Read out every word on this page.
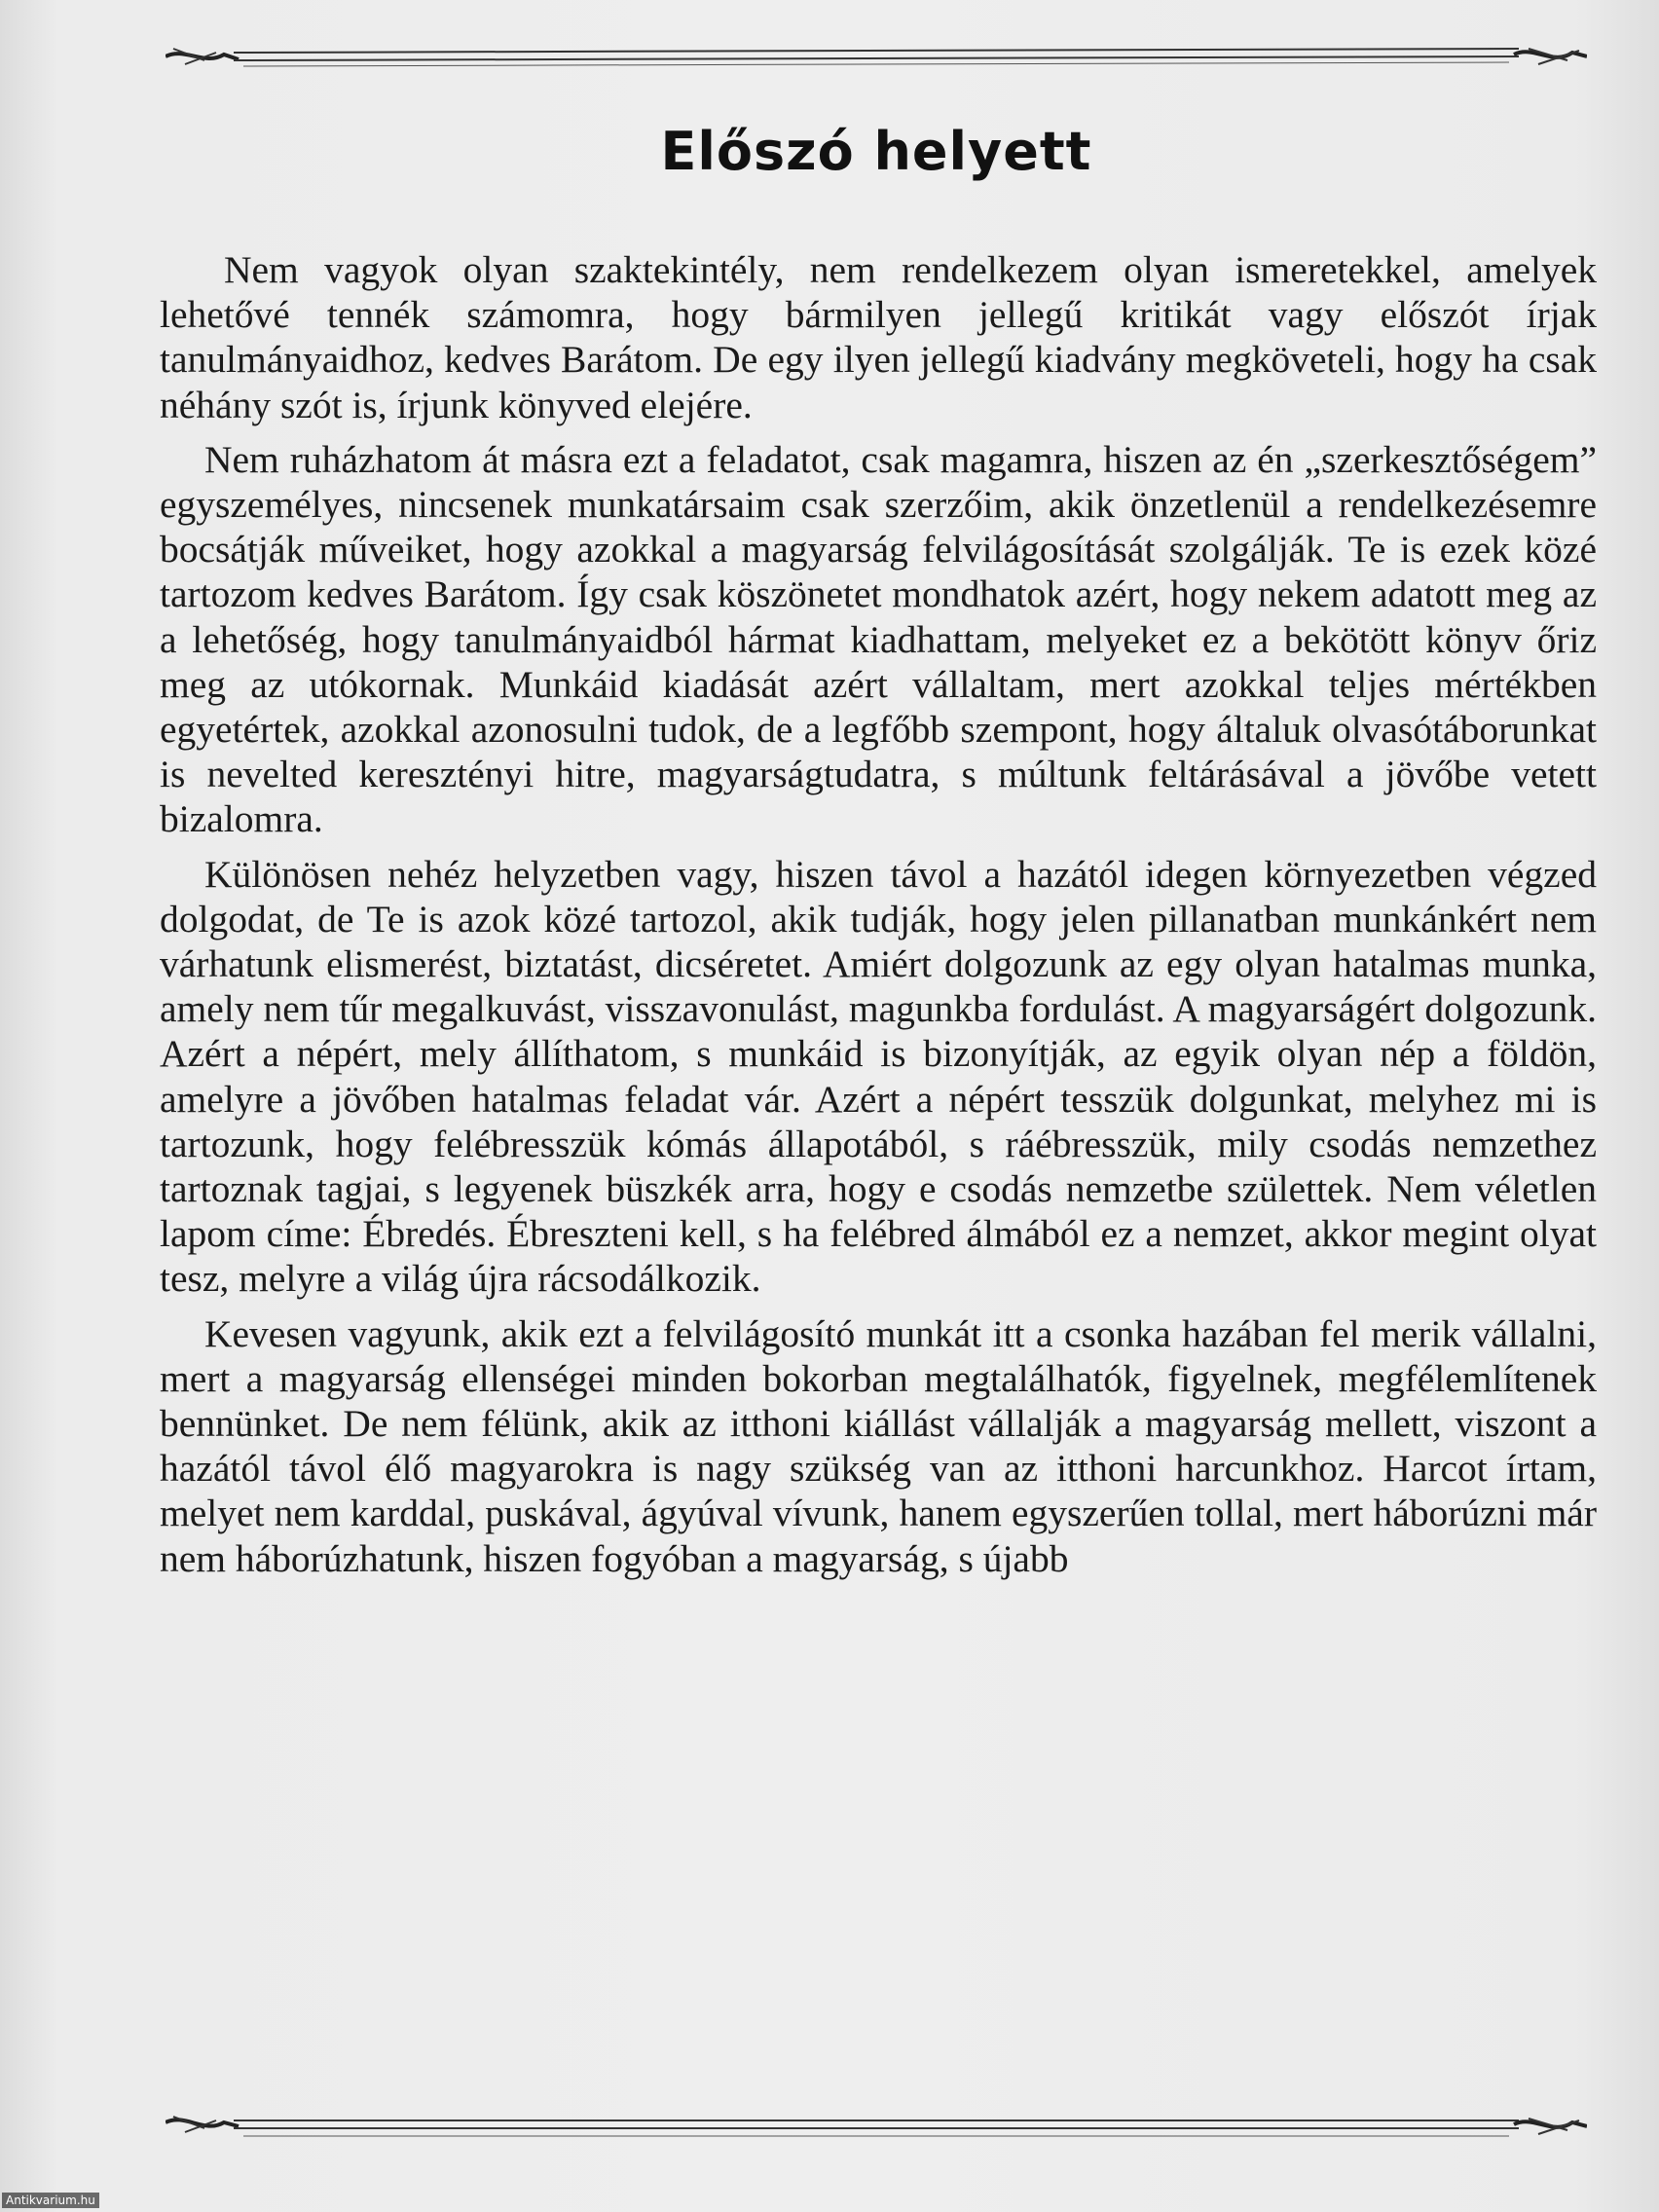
Előszó helyett

Nem vagyok olyan szaktekintély, nem rendelkezem olyan ismeretekkel, amelyek lehetővé tennék számomra, hogy bármilyen jellegű kritikát vagy előszót írjak tanulmányaidhoz, kedves Barátom. De egy ilyen jellegű kiadvány megköveteli, hogy ha csak néhány szót is, írjunk könyved elejére.

Nem ruházhatom át másra ezt a feladatot, csak magamra, hiszen az én „szerkesztőségem” egyszemélyes, nincsenek munkatársaim csak szerzőim, akik önzetlenül a rendelkezésemre bocsátják műveiket, hogy azokkal a magyarság felvilágosítását szolgálják. Te is ezek közé tartozom kedves Barátom. Így csak köszönetet mondhatok azért, hogy nekem adatott meg az a lehetőség, hogy tanulmányaidból hármat kiadhattam, melyeket ez a bekötött könyv őriz meg az utókornak. Munkáid kiadását azért vállaltam, mert azokkal teljes mértékben egyetértek, azokkal azonosulni tudok, de a legfőbb szempont, hogy általuk olvasótáborunkat is nevelted keresztényi hitre, magyarságtudatra, s múltunk feltárásával a jövőbe vetett bizalomra.

Különösen nehéz helyzetben vagy, hiszen távol a hazától idegen környezetben végzed dolgodat, de Te is azok közé tartozol, akik tudják, hogy jelen pillanatban munkánkért nem várhatunk elismerést, biztatást, dicséretet. Amiért dolgozunk az egy olyan hatalmas munka, amely nem tűr megalkuvást, visszavonulást, magunkba fordulást. A magyarságért dolgozunk. Azért a népért, mely állíthatom, s munkáid is bizonyítják, az egyik olyan nép a földön, amelyre a jövőben hatalmas feladat vár. Azért a népért tesszük dolgunkat, melyhez mi is tartozunk, hogy felébresszük kómás állapotából, s ráébresszük, mily csodás nemzethez tartoznak tagjai, s legyenek büszkék arra, hogy e csodás nemzetbe születtek. Nem véletlen lapom címe: Ébredés. Ébreszteni kell, s ha felébred álmából ez a nemzet, akkor megint olyat tesz, melyre a világ újra rácsodálkozik.

Kevesen vagyunk, akik ezt a felvilágosító munkát itt a csonka hazában fel merik vállalni, mert a magyarság ellenségei minden bokorban megtalálhatók, figyelnek, megfélemlítenek bennünket. De nem félünk, akik az itthoni kiállást vállalják a magyarság mellett, viszont a hazától távol élő magyarokra is nagy szükség van az itthoni harcunkhoz. Harcot írtam, melyet nem karddal, puskával, ágyúval vívunk, hanem egyszerűen tollal, mert háborúzni már nem háborúzhatunk, hiszen fogyóban a magyarság, s újabb

Antikvarium.hu
